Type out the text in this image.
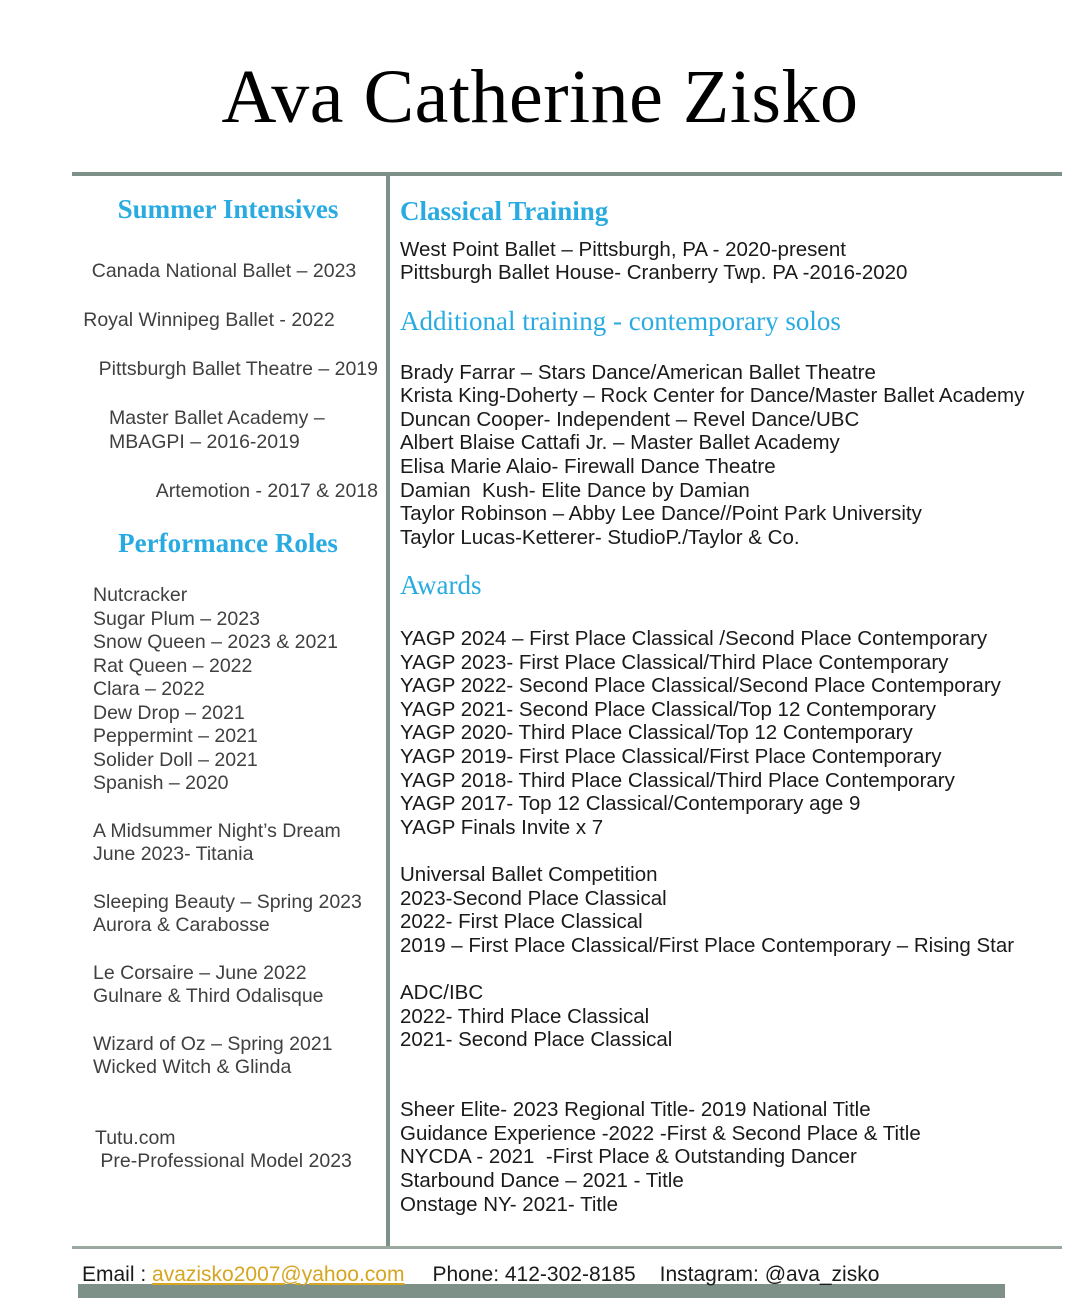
Ava Catherine Zisko
Summer Intensives
Canada National Ballet – 2023
Royal Winnipeg Ballet - 2022
Pittsburgh Ballet Theatre – 2019
Master Ballet Academy –
MBAGPI – 2016-2019
Artemotion - 2017 & 2018
Performance Roles
Nutcracker
Sugar Plum – 2023
Snow Queen – 2023 & 2021
Rat Queen – 2022
Clara – 2022
Dew Drop – 2021
Peppermint – 2021
Solider Doll – 2021
Spanish – 2020
A Midsummer Night’s Dream
June 2023- Titania
Sleeping Beauty – Spring 2023
Aurora & Carabosse
Le Corsaire – June 2022
Gulnare & Third Odalisque
Wizard of Oz – Spring 2021
Wicked Witch & Glinda
Tutu.com
Pre-Professional Model 2023
Classical Training
West Point Ballet – Pittsburgh, PA - 2020-present
Pittsburgh Ballet House- Cranberry Twp. PA -2016-2020
Additional training - contemporary solos
Brady Farrar – Stars Dance/American Ballet Theatre
Krista King-Doherty – Rock Center for Dance/Master Ballet Academy
Duncan Cooper- Independent – Revel Dance/UBC
Albert Blaise Cattafi Jr. – Master Ballet Academy
Elisa Marie Alaio- Firewall Dance Theatre
Damian  Kush- Elite Dance by Damian
Taylor Robinson – Abby Lee Dance//Point Park University
Taylor Lucas-Ketterer- StudioP./Taylor & Co.
Awards
YAGP 2024 – First Place Classical /Second Place Contemporary
YAGP 2023- First Place Classical/Third Place Contemporary
YAGP 2022- Second Place Classical/Second Place Contemporary
YAGP 2021- Second Place Classical/Top 12 Contemporary
YAGP 2020- Third Place Classical/Top 12 Contemporary
YAGP 2019- First Place Classical/First Place Contemporary
YAGP 2018- Third Place Classical/Third Place Contemporary
YAGP 2017- Top 12 Classical/Contemporary age 9
YAGP Finals Invite x 7
Universal Ballet Competition
2023-Second Place Classical
2022- First Place Classical
2019 – First Place Classical/First Place Contemporary – Rising Star
ADC/IBC
2022- Third Place Classical
2021- Second Place Classical
Sheer Elite- 2023 Regional Title- 2019 National Title
Guidance Experience -2022 -First & Second Place & Title
NYCDA - 2021  -First Place & Outstanding Dancer
Starbound Dance – 2021 - Title
Onstage NY- 2021- Title
Email : avazisko2007@yahoo.com Phone: 412-302-8185 Instagram: @ava_zisko
